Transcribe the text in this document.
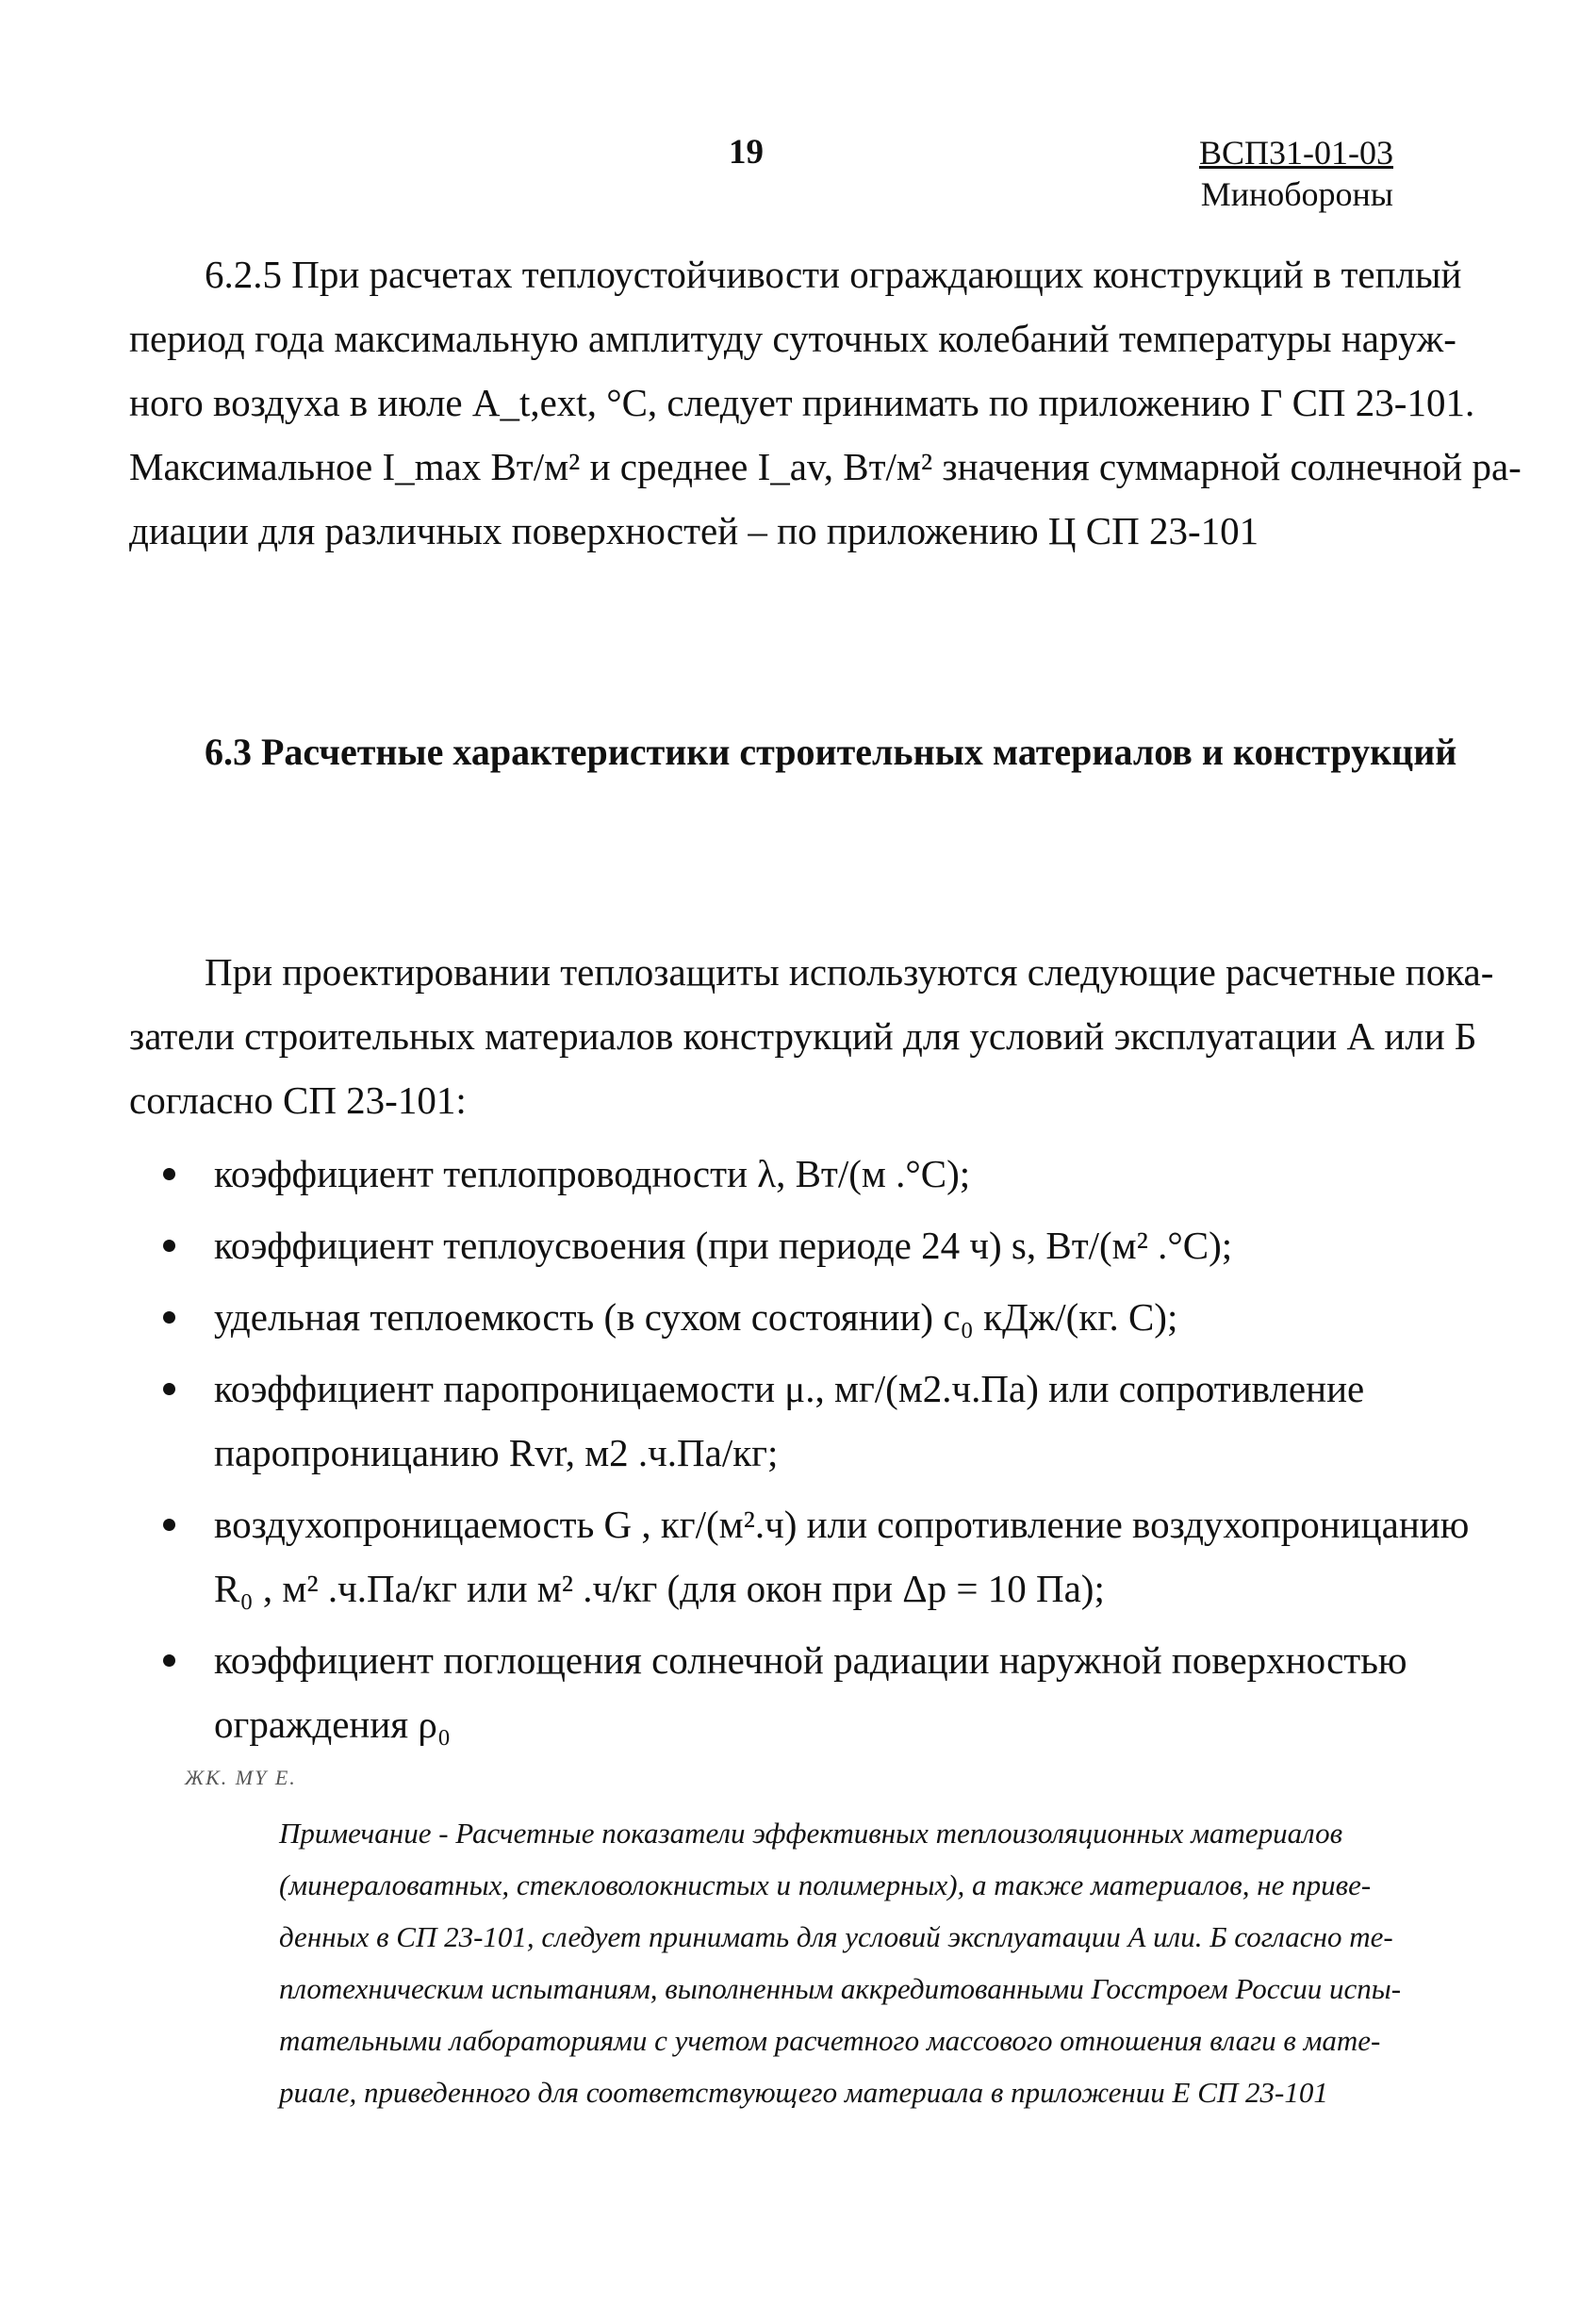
19	ВСП31-01-03
Минобороны
6.2.5 При расчетах теплоустойчивости ограждающих конструкций в теплый
период года максимальную амплитуду суточных колебаний температуры наруж-
ного воздуха в июле A_t,ext, °С, следует принимать по приложению Г СП 23-101.
Максимальное I_max Вт/м² и среднее I_av, Вт/м² значения суммарной солнечной ра-
диации для различных поверхностей – по приложению Ц СП 23-101
6.3 Расчетные характеристики строительных материалов и конструкций
При проектировании теплозащиты используются следующие расчетные пока-
затели строительных материалов конструкций для условий эксплуатации А или Б
согласно СП 23-101:
коэффициент теплопроводности λ, Вт/(м .°С);
коэффициент теплоусвоения (при периоде 24 ч) s, Вт/(м² .°С);
удельная теплоемкость (в сухом состоянии) c₀ кДж/(кг. С);
коэффициент паропроницаемости μ., мг/(м2.ч.Па) или сопротивление
паропроницанию Rvr, м2 .ч.Па/кг;
воздухопроницаемость G , кг/(м².ч) или сопротивление воздухопроницанию
R₀ , м² .ч.Па/кг или м² .ч/кг (для окон при Δр = 10 Па);
коэффициент поглощения солнечной радиации наружной поверхностью
ограждения ρ₀
ЖК. МҮ Е.
Примечание - Расчетные показатели эффективных теплоизоляционных материалов
(минераловатных, стекловолокнистых и полимерных), а также материалов, не приве-
денных в СП 23-101, следует принимать для условий эксплуатации А или. Б согласно те-
плотехническим испытаниям, выполненным аккредитованными Госстроем России испы-
тательными лабораториями с учетом расчетного массового отношения влаги в мате-
риале, приведенного для соответствующего материала в приложении Е СП 23-101
